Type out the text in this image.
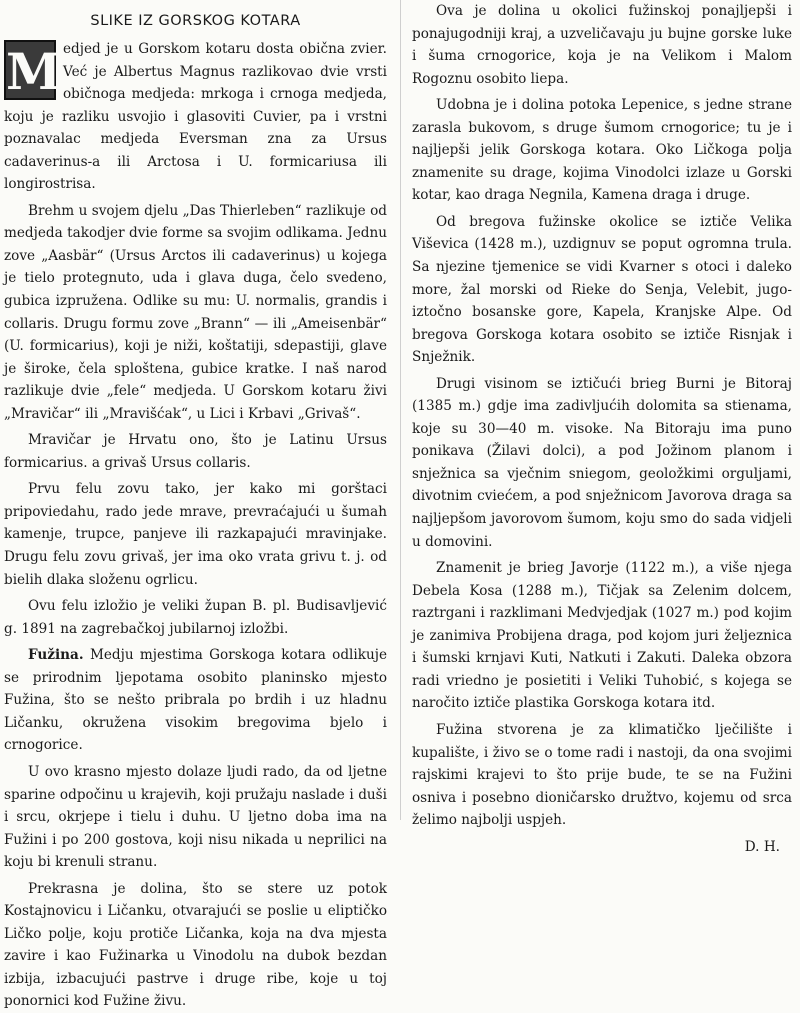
SLIKE IZ GORSKOG KOTARA

M edjed je u Gorskom kotaru dosta obična zvier. Već je Albertus Magnus razlikovao dvie vrsti običnoga medjeda: mrkoga i crnoga medjeda, koju je razliku usvojio i glasoviti Cuvier, pa i vrstni poznavalac medjeda Eversman zna za Ursus cadaverinus-a ili Arctosa i U. formicariusa ili longirostrisa.

Brehm u svojem djelu „Das Thierleben“ razlikuje od medjeda takodjer dvie forme sa svojim odlikama. Jednu zove „Aasbär“ (Ursus Arctos ili cadaverinus) u kojega je tielo protegnuto, uda i glava duga, čelo svedeno, gubica izpružena. Odlike su mu: U. normalis, grandis i collaris. Drugu formu zove „Brann“ — ili „Ameisenbär“ (U. formicarius), koji je niži, koštatiji, sdepastiji, glave je široke, čela sploštena, gubice kratke. I naš narod razlikuje dvie „fele“ medjeda. U Gorskom kotaru živi „Mravičar“ ili „Mravišćak“, u Lici i Krbavi „Grivaš“.

Mravičar je Hrvatu ono, što je Latinu Ursus formicarius. a grivaš Ursus collaris.

Prvu felu zovu tako, jer kako mi gorštaci pripoviedahu, rado jede mrave, prevraćajući u šumah kamenje, trupce, panjeve ili razkapajući mravinjake. Drugu felu zovu grivaš, jer ima oko vrata grivu t. j. od bielih dlaka složenu ogrlicu.

Ovu felu izložio je veliki župan B. pl. Budisavljević g. 1891 na zagrebačkoj jubilarnoj izložbi.

Fužina. Medju mjestima Gorskoga kotara odlikuje se prirodnim ljepotama osobito planinsko mjesto Fužina, što se nešto pribrala po brdih i uz hladnu Ličanku, okružena visokim bregovima bjelo i crnogorice.

U ovo krasno mjesto dolaze ljudi rado, da od ljetne sparine odpočinu u krajevih, koji pružaju naslade i duši i srcu, okrjepe i tielu i duhu. U ljetno doba ima na Fužini i po 200 gostova, koji nisu nikada u neprilici na koju bi krenuli stranu.

Prekrasna je dolina, što se stere uz potok Kostajnovicu i Ličanku, otvarajući se poslie u eliptičko Ličko polje, koju protiče Ličanka, koja na dva mjesta zavire i kao Fužinarka u Vinodolu na dubok bezdan izbija, izbacujući pastrve i druge ribe, koje u toj ponornici kod Fužine živu.

Ova je dolina u okolici fužinskoj ponajljepši i ponajugodniji kraj, a uzveličavaju ju bujne gorske luke i šuma crnogorice, koja je na Velikom i Malom Rogoznu osobito liepa.

Udobna je i dolina potoka Lepenice, s jedne strane zarasla bukovom, s druge šumom crnogorice; tu je i najljepši jelik Gorskoga kotara. Oko Ličkoga polja znamenite su drage, kojima Vinodolci izlaze u Gorski kotar, kao draga Negnila, Kamena draga i druge.

Od bregova fužinske okolice se iztiče Velika Viševica (1428 m.), uzdignuv se poput ogromna trula. Sa njezine tjemenice se vidi Kvarner s otoci i daleko more, žal morski od Rieke do Senja, Velebit, jugo-iztočno bosanske gore, Kapela, Kranjske Alpe. Od bregova Gorskoga kotara osobito se iztiče Risnjak i Snježnik.

Drugi visinom se iztičući brieg Burni je Bitoraj (1385 m.) gdje ima zadivljućih dolomita sa stienama, koje su 30—40 m. visoke. Na Bitoraju ima puno ponikava (Žilavi dolci), a pod Jožinom planom i snježnica sa vječnim sniegom, geoložkimi orguljami, divotnim cviećem, a pod snježnicom Javorova draga sa najljepšom javorovom šumom, koju smo do sada vidjeli u domovini.

Znamenit je brieg Javorje (1122 m.), a više njega Debela Kosa (1288 m.), Tičjak sa Zelenim dolcem, raztrgani i razklimani Medvjedjak (1027 m.) pod kojim je zanimiva Probijena draga, pod kojom juri željeznica i šumski krnjavi Kuti, Natkuti i Zakuti. Daleka obzora radi vriedno je posietiti i Veliki Tuhobić, s kojega se naročito iztiče plastika Gorskoga kotara itd.

Fužina stvorena je za klimatičko lječilište i kupalište, i živo se o tome radi i nastoji, da ona svojimi rajskimi krajevi to što prije bude, te se na Fužini osniva i posebno dioničarsko družtvo, kojemu od srca želimo najbolji uspjeh.

D. H.
